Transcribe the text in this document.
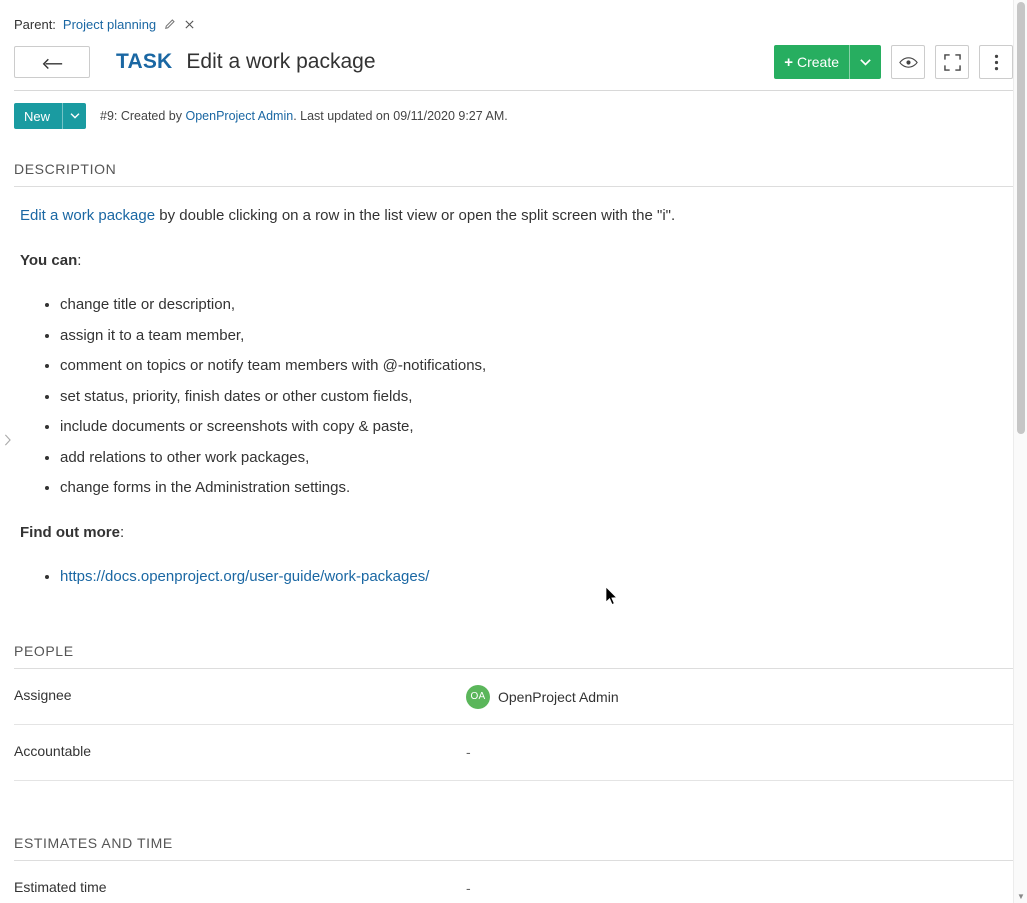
Parent: Project planning
TASK Edit a work package	+ Create
New	#9: Created by OpenProject Admin. Last updated on 09/11/2020 9:27 AM.
DESCRIPTION

Edit a work package by double clicking on a row in the list view or open the split screen with the "i".

You can:

• change title or description,
• assign it to a team member,
• comment on topics or notify team members with @-notifications,
• set status, priority, finish dates or other custom fields,
• include documents or screenshots with copy & paste,
• add relations to other work packages,
• change forms in the Administration settings.

Find out more:

• https://docs.openproject.org/user-guide/work-packages/
PEOPLE
Assignee	OA OpenProject Admin
Accountable	-
ESTIMATES AND TIME
Estimated time	-
▼
